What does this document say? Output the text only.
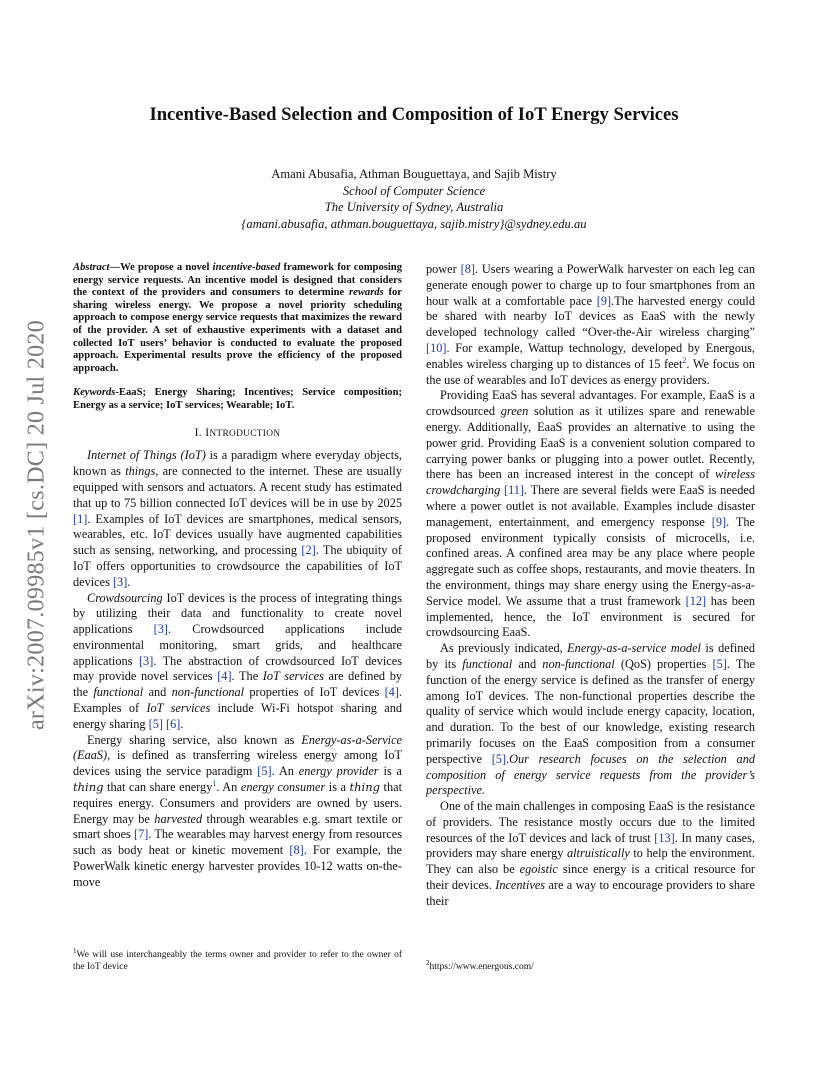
arXiv:2007.09985v1 [cs.DC] 20 Jul 2020
Incentive-Based Selection and Composition of IoT Energy Services
Amani Abusafia, Athman Bouguettaya, and Sajib Mistry
School of Computer Science
The University of Sydney, Australia
{amani.abusafia, athman.bouguettaya, sajib.mistry}@sydney.edu.au
Abstract—We propose a novel incentive-based framework for composing energy service requests. An incentive model is designed that considers the context of the providers and consumers to determine rewards for sharing wireless energy. We propose a novel priority scheduling approach to compose energy service requests that maximizes the reward of the provider. A set of exhaustive experiments with a dataset and collected IoT users’ behavior is conducted to evaluate the proposed approach. Experimental results prove the efficiency of the proposed approach.
Keywords-EaaS; Energy Sharing; Incentives; Service composition; Energy as a service; IoT services; Wearable; IoT.
I. INTRODUCTION

Internet of Things (IoT) is a paradigm where everyday objects, known as things, are connected to the internet. These are usually equipped with sensors and actuators. A recent study has estimated that up to 75 billion connected IoT devices will be in use by 2025 [1]. Examples of IoT devices are smartphones, medical sensors, wearables, etc. IoT devices usually have augmented capabilities such as sensing, networking, and processing [2]. The ubiquity of IoT offers opportunities to crowdsource the capabilities of IoT devices [3].

Crowdsourcing IoT devices is the process of integrating things by utilizing their data and functionality to create novel applications [3]. Crowdsourced applications include environmental monitoring, smart grids, and healthcare applications [3]. The abstraction of crowdsourced IoT devices may provide novel services [4]. The IoT services are defined by the functional and non-functional properties of IoT devices [4]. Examples of IoT services include Wi-Fi hotspot sharing and energy sharing [5] [6].

Energy sharing service, also known as Energy-as-a-Service (EaaS), is defined as transferring wireless energy among IoT devices using the service paradigm [5]. An energy provider is a thing that can share energy$^1$. An energy consumer is a thing that requires energy. Consumers and providers are owned by users. Energy may be harvested through wearables e.g. smart textile or smart shoes [7]. The wearables may harvest energy from resources such as body heat or kinetic movement [8]. For example, the PowerWalk kinetic energy harvester provides 10-12 watts on-the-move

$^1$We will use interchangeably the terms owner and provider to refer to the owner of the IoT device

power [8]. Users wearing a PowerWalk harvester on each leg can generate enough power to charge up to four smartphones from an hour walk at a comfortable pace [9].The harvested energy could be shared with nearby IoT devices as EaaS with the newly developed technology called “Over-the-Air wireless charging” [10]. For example, Wattup technology, developed by Energous, enables wireless charging up to distances of 15 feet$^2$. We focus on the use of wearables and IoT devices as energy providers.

Providing EaaS has several advantages. For example, EaaS is a crowdsourced green solution as it utilizes spare and renewable energy. Additionally, EaaS provides an alternative to using the power grid. Providing EaaS is a convenient solution compared to carrying power banks or plugging into a power outlet. Recently, there has been an increased interest in the concept of wireless crowdcharging [11]. There are several fields were EaaS is needed where a power outlet is not available. Examples include disaster management, entertainment, and emergency response [9]. The proposed environment typically consists of microcells, i.e. confined areas. A confined area may be any place where people aggregate such as coffee shops, restaurants, and movie theaters. In the environment, things may share energy using the Energy-as-a-Service model. We assume that a trust framework [12] has been implemented, hence, the IoT environment is secured for crowdsourcing EaaS.

As previously indicated, Energy-as-a-service model is defined by its functional and non-functional (QoS) properties [5]. The function of the energy service is defined as the transfer of energy among IoT devices. The non-functional properties describe the quality of service which would include energy capacity, location, and duration. To the best of our knowledge, existing research primarily focuses on the EaaS composition from a consumer perspective [5].Our research focuses on the selection and composition of energy service requests from the provider’s perspective.

One of the main challenges in composing EaaS is the resistance of providers. The resistance mostly occurs due to the limited resources of the IoT devices and lack of trust [13]. In many cases, providers may share energy altruistically to help the environment. They can also be egoistic since energy is a critical resource for their devices. Incentives are a way to encourage providers to share their

$^2$https://www.energous.com/
